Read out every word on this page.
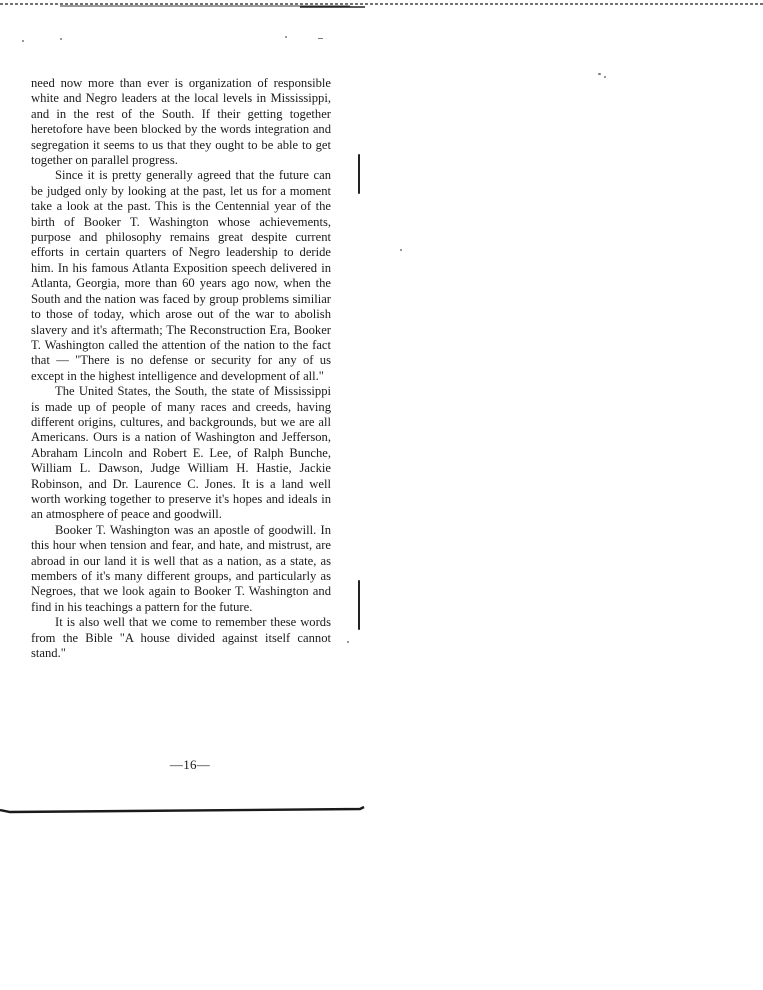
need now more than ever is organization of responsible white and Negro leaders at the local levels in Mississippi, and in the rest of the South. If their getting together heretofore have been blocked by the words integration and segregation it seems to us that they ought to be able to get together on parallel progress.

Since it is pretty generally agreed that the future can be judged only by looking at the past, let us for a moment take a look at the past. This is the Centennial year of the birth of Booker T. Washington whose achievements, purpose and philosophy remains great despite current efforts in certain quarters of Negro leadership to deride him. In his famous Atlanta Exposition speech delivered in Atlanta, Georgia, more than 60 years ago now, when the South and the nation was faced by group problems similiar to those of today, which arose out of the war to abolish slavery and it's aftermath; The Reconstruction Era, Booker T. Washington called the attention of the nation to the fact that — "There is no defense or security for any of us except in the highest intelligence and development of all."

The United States, the South, the state of Mississippi is made up of people of many races and creeds, having different origins, cultures, and backgrounds, but we are all Americans. Ours is a nation of Washington and Jefferson, Abraham Lincoln and Robert E. Lee, of Ralph Bunche, William L. Dawson, Judge William H. Hastie, Jackie Robinson, and Dr. Laurence C. Jones. It is a land well worth working together to preserve it's hopes and ideals in an atmosphere of peace and goodwill.

Booker T. Washington was an apostle of goodwill. In this hour when tension and fear, and hate, and mistrust, are abroad in our land it is well that as a nation, as a state, as members of it's many different groups, and particularly as Negroes, that we look again to Booker T. Washington and find in his teachings a pattern for the future.

It is also well that we come to remember these words from the Bible "A house divided against itself cannot stand."

—16—
